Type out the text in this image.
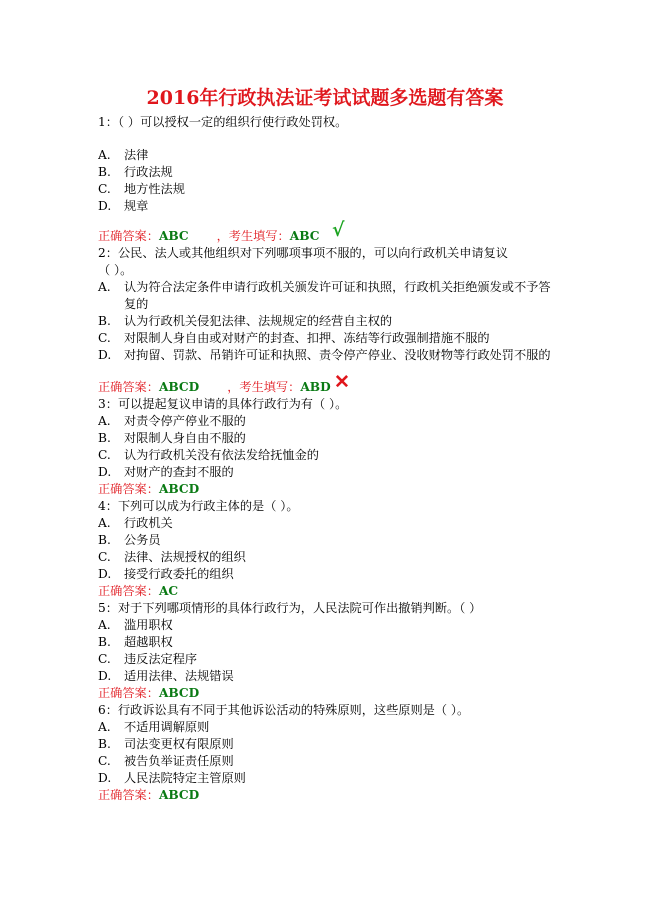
2016年行政执法证考试试题多选题有答案
1：（ ）可以授权一定的组织行使行政处罚权。
A.	法律
B.	行政法规
C.	地方性法规
D.	规章
正确答案：ABC ，考生填写：ABC √
2：公民、法人或其他组织对下列哪项事项不服的，可以向行政机关申请复议
（ ）。
A.	认为符合法定条件申请行政机关颁发许可证和执照，行政机关拒绝颁发或不予答复的
B.	认为行政机关侵犯法律、法规规定的经营自主权的
C.	对限制人身自由或对财产的封查、扣押、冻结等行政强制措施不服的
D.	对拘留、罚款、吊销许可证和执照、责令停产停业、没收财物等行政处罚不服的
正确答案：ABCD ，考生填写：ABD ✕
3：可以提起复议申请的具体行政行为有（ ）。
A.	对责令停产停业不服的
B.	对限制人身自由不服的
C.	认为行政机关没有依法发给抚恤金的
D.	对财产的查封不服的
正确答案：ABCD
4：下列可以成为行政主体的是（ ）。
A.	行政机关
B.	公务员
C.	法律、法规授权的组织
D.	接受行政委托的组织
正确答案：AC
5：对于下列哪项情形的具体行政行为，人民法院可作出撤销判断。（ ）
A.	滥用职权
B.	超越职权
C.	违反法定程序
D.	适用法律、法规错误
正确答案：ABCD
6：行政诉讼具有不同于其他诉讼活动的特殊原则，这些原则是（ ）。
A.	不适用调解原则
B.	司法变更权有限原则
C.	被告负举证责任原则
D.	人民法院特定主管原则
正确答案：ABCD
